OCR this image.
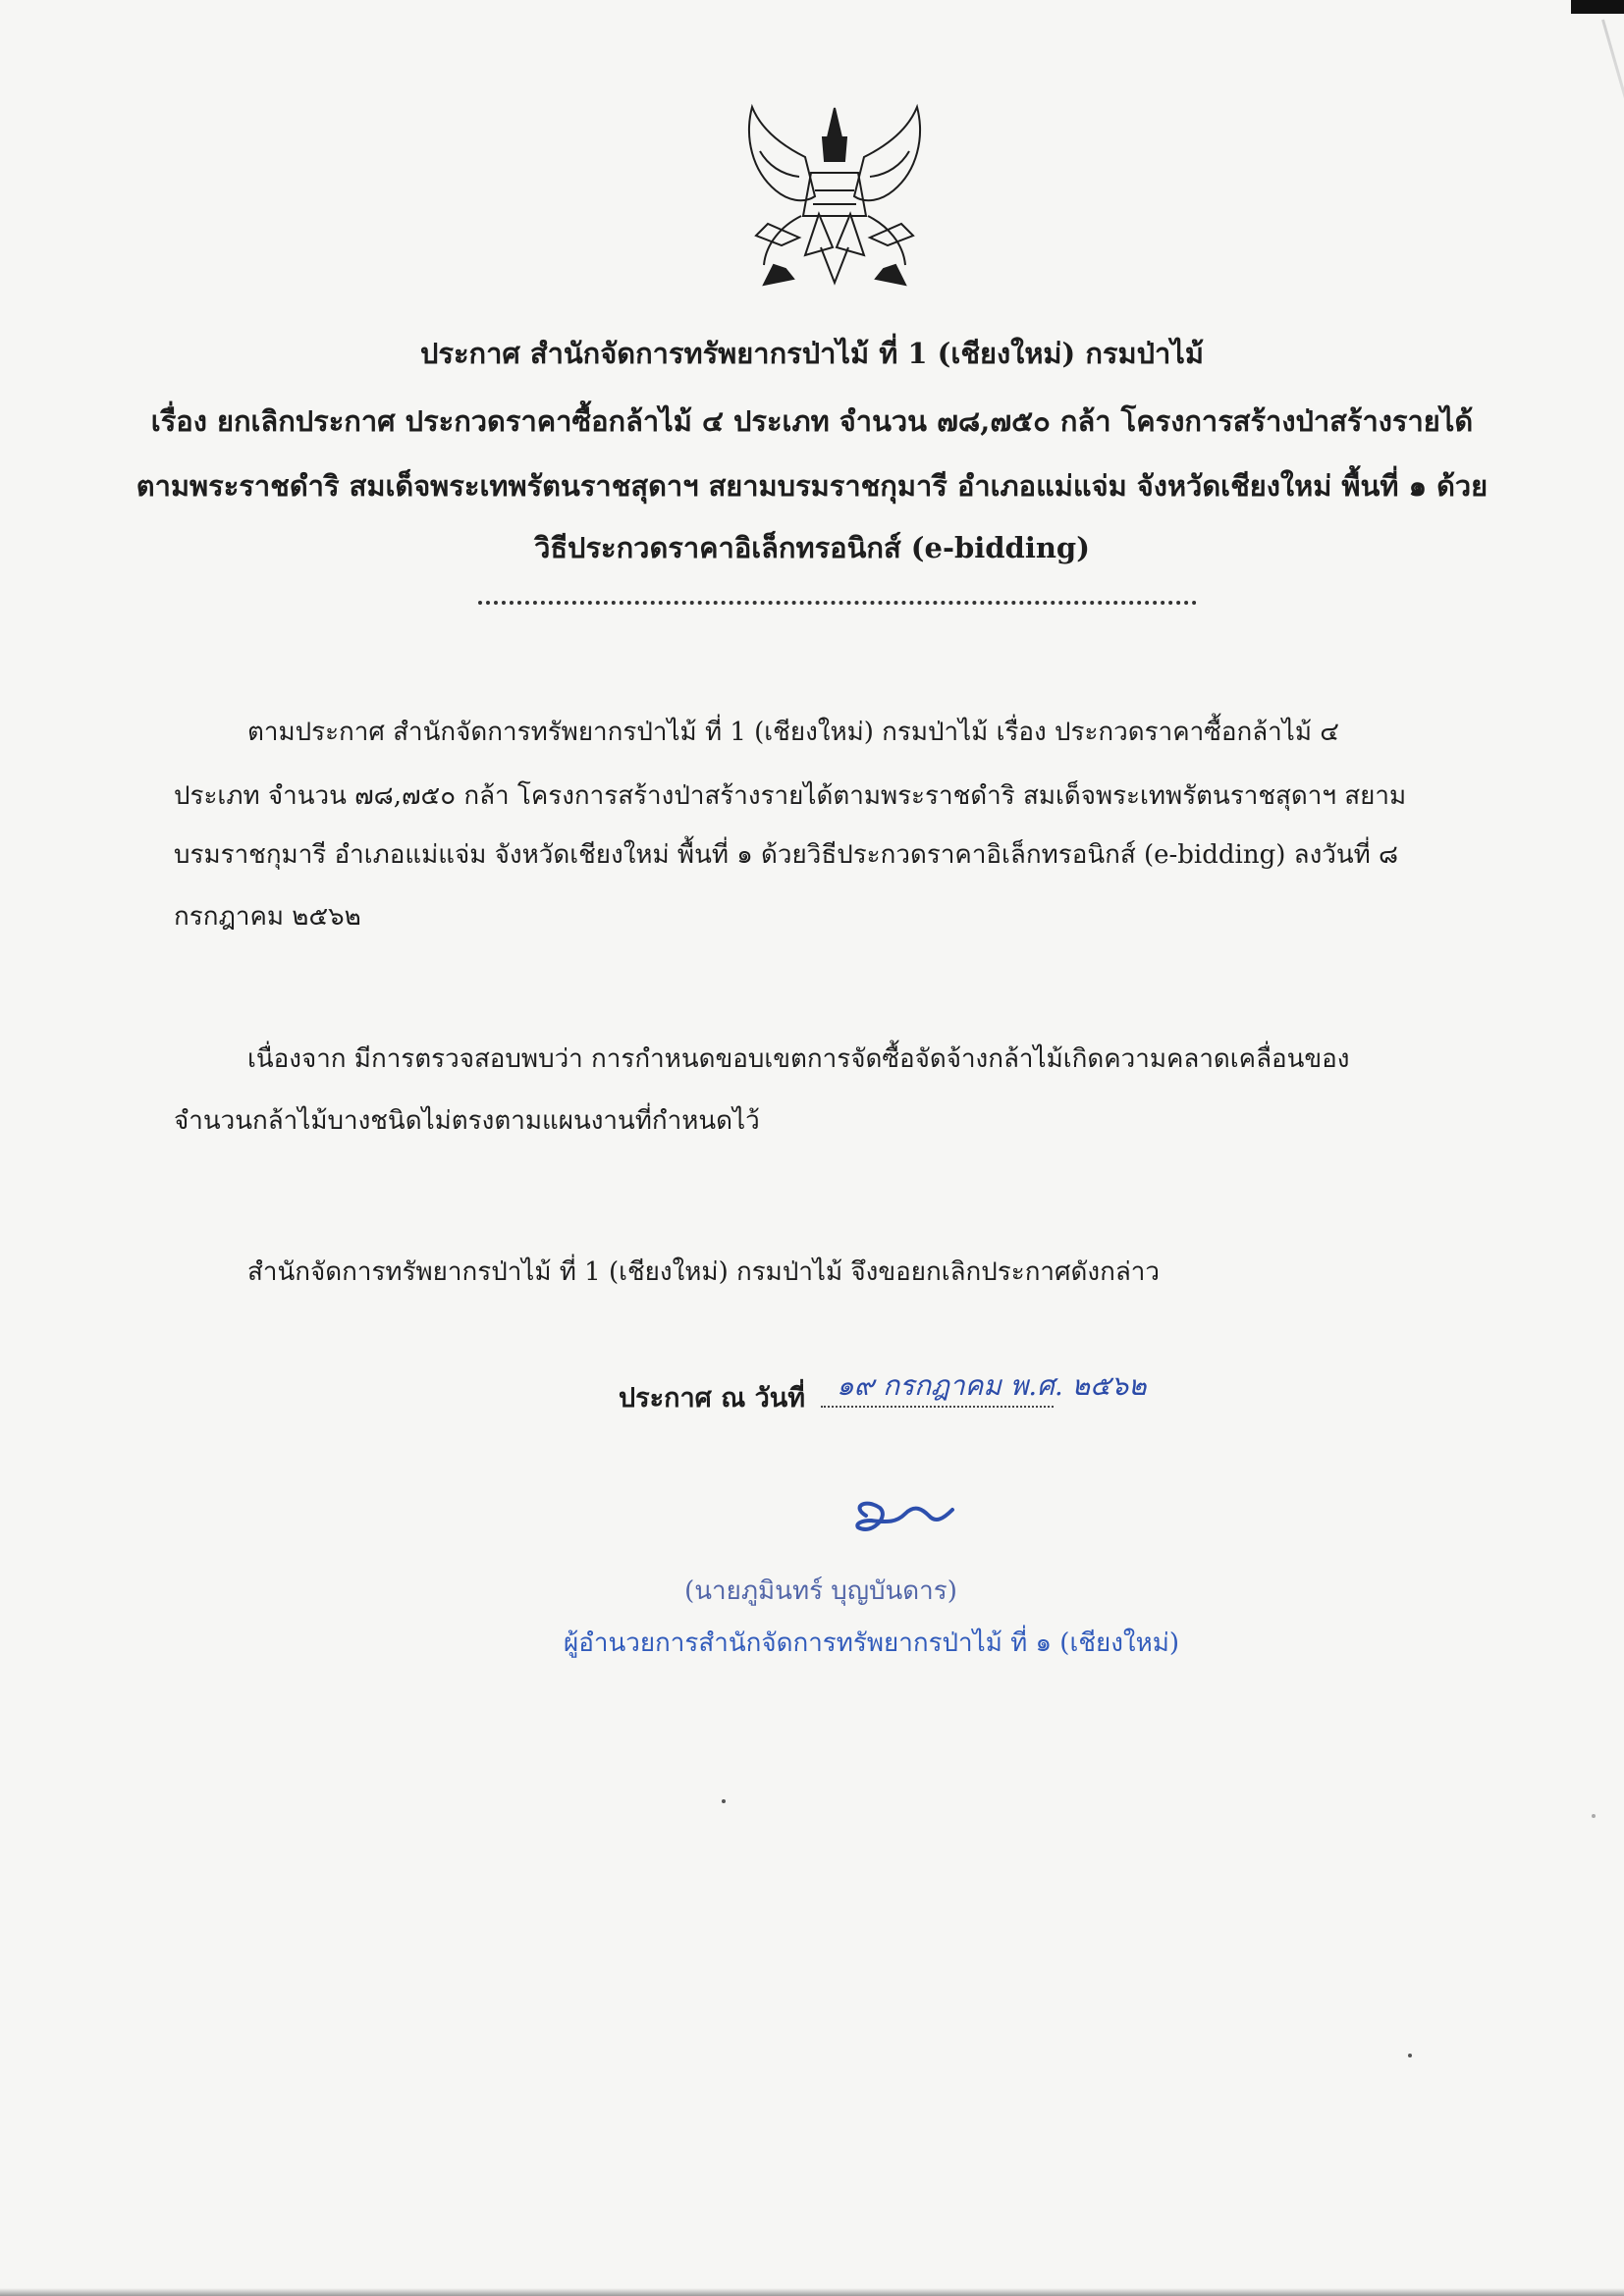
ประกาศ สำนักจัดการทรัพยากรป่าไม้ ที่ 1 (เชียงใหม่) กรมป่าไม้
เรื่อง ยกเลิกประกาศ ประกวดราคาซื้อกล้าไม้ ๔ ประเภท จำนวน ๗๘,๗๕๐ กล้า โครงการสร้างป่าสร้างรายได้
ตามพระราชดำริ สมเด็จพระเทพรัตนราชสุดาฯ สยามบรมราชกุมารี อำเภอแม่แจ่ม จังหวัดเชียงใหม่ พื้นที่ ๑ ด้วย
วิธีประกวดราคาอิเล็กทรอนิกส์ (e-bidding)
ตามประกาศ สำนักจัดการทรัพยากรป่าไม้ ที่ 1 (เชียงใหม่) กรมป่าไม้ เรื่อง ประกวดราคาซื้อกล้าไม้ ๔
ประเภท จำนวน ๗๘,๗๕๐ กล้า โครงการสร้างป่าสร้างรายได้ตามพระราชดำริ สมเด็จพระเทพรัตนราชสุดาฯ สยาม
บรมราชกุมารี อำเภอแม่แจ่ม จังหวัดเชียงใหม่ พื้นที่ ๑ ด้วยวิธีประกวดราคาอิเล็กทรอนิกส์ (e-bidding) ลงวันที่ ๘
กรกฎาคม ๒๕๖๒
เนื่องจาก มีการตรวจสอบพบว่า การกำหนดขอบเขตการจัดซื้อจัดจ้างกล้าไม้เกิดความคลาดเคลื่อนของ
จำนวนกล้าไม้บางชนิดไม่ตรงตามแผนงานที่กำหนดไว้
สำนักจัดการทรัพยากรป่าไม้ ที่ 1 (เชียงใหม่) กรมป่าไม้ จึงขอยกเลิกประกาศดังกล่าว
ประกาศ ณ วันที่ ๑๙ กรกฎาคม พ.ศ. ๒๕๖๒
(นายภูมินทร์ บุญบันดาร)
ผู้อำนวยการสำนักจัดการทรัพยากรป่าไม้ ที่ ๑ (เชียงใหม่)
